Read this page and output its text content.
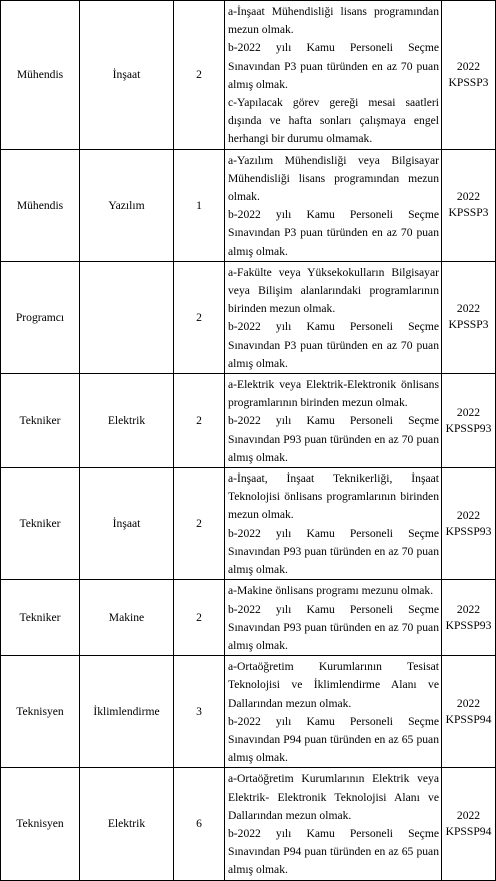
Mühendis	İnşaat	2	a-İnşaat Mühendisliği lisans programından mezun olmak.
b-2022 yılı Kamu Personeli Seçme Sınavından P3 puan türünden en az 70 puan almış olmak.
c-Yapılacak görev gereği mesai saatleri dışında ve hafta sonları çalışmaya engel herhangi bir durumu olmamak.	2022
KPSSP3

Mühendis	Yazılım	1	a-Yazılım Mühendisliği veya Bilgisayar Mühendisliği lisans programından mezun olmak.
b-2022 yılı Kamu Personeli Seçme Sınavından P3 puan türünden en az 70 puan almış olmak.	2022
KPSSP3

Programcı		2	a-Fakülte veya Yüksekokulların Bilgisayar veya Bilişim alanlarındaki programlarının birinden mezun olmak.
b-2022 yılı Kamu Personeli Seçme Sınavından P3 puan türünden en az 70 puan almış olmak.	2022
KPSSP3

Tekniker	Elektrik	2	a-Elektrik veya Elektrik-Elektronik önlisans programlarının birinden mezun olmak.
b-2022 yılı Kamu Personeli Seçme Sınavından P93 puan türünden en az 70 puan almış olmak.	2022
KPSSP93

Tekniker	İnşaat	2	a-İnşaat, İnşaat Teknikerliği, İnşaat Teknolojisi önlisans programlarının birinden mezun olmak.
b-2022 yılı Kamu Personeli Seçme Sınavından P93 puan türünden en az 70 puan almış olmak.	2022
KPSSP93

Tekniker	Makine	2	a-Makine önlisans programı mezunu olmak.
b-2022 yılı Kamu Personeli Seçme Sınavından P93 puan türünden en az 70 puan almış olmak.	2022
KPSSP93

Teknisyen	İklimlendirme	3	a-Ortaöğretim Kurumlarının Tesisat Teknolojisi ve İklimlendirme Alanı ve Dallarından mezun olmak.
b-2022 yılı Kamu Personeli Seçme Sınavından P94 puan türünden en az 65 puan almış olmak.	2022
KPSSP94

Teknisyen	Elektrik	6	a-Ortaöğretim Kurumlarının Elektrik veya Elektrik- Elektronik Teknolojisi Alanı ve Dallarından mezun olmak.
b-2022 yılı Kamu Personeli Seçme Sınavından P94 puan türünden en az 65 puan almış olmak.	2022
KPSSP94
